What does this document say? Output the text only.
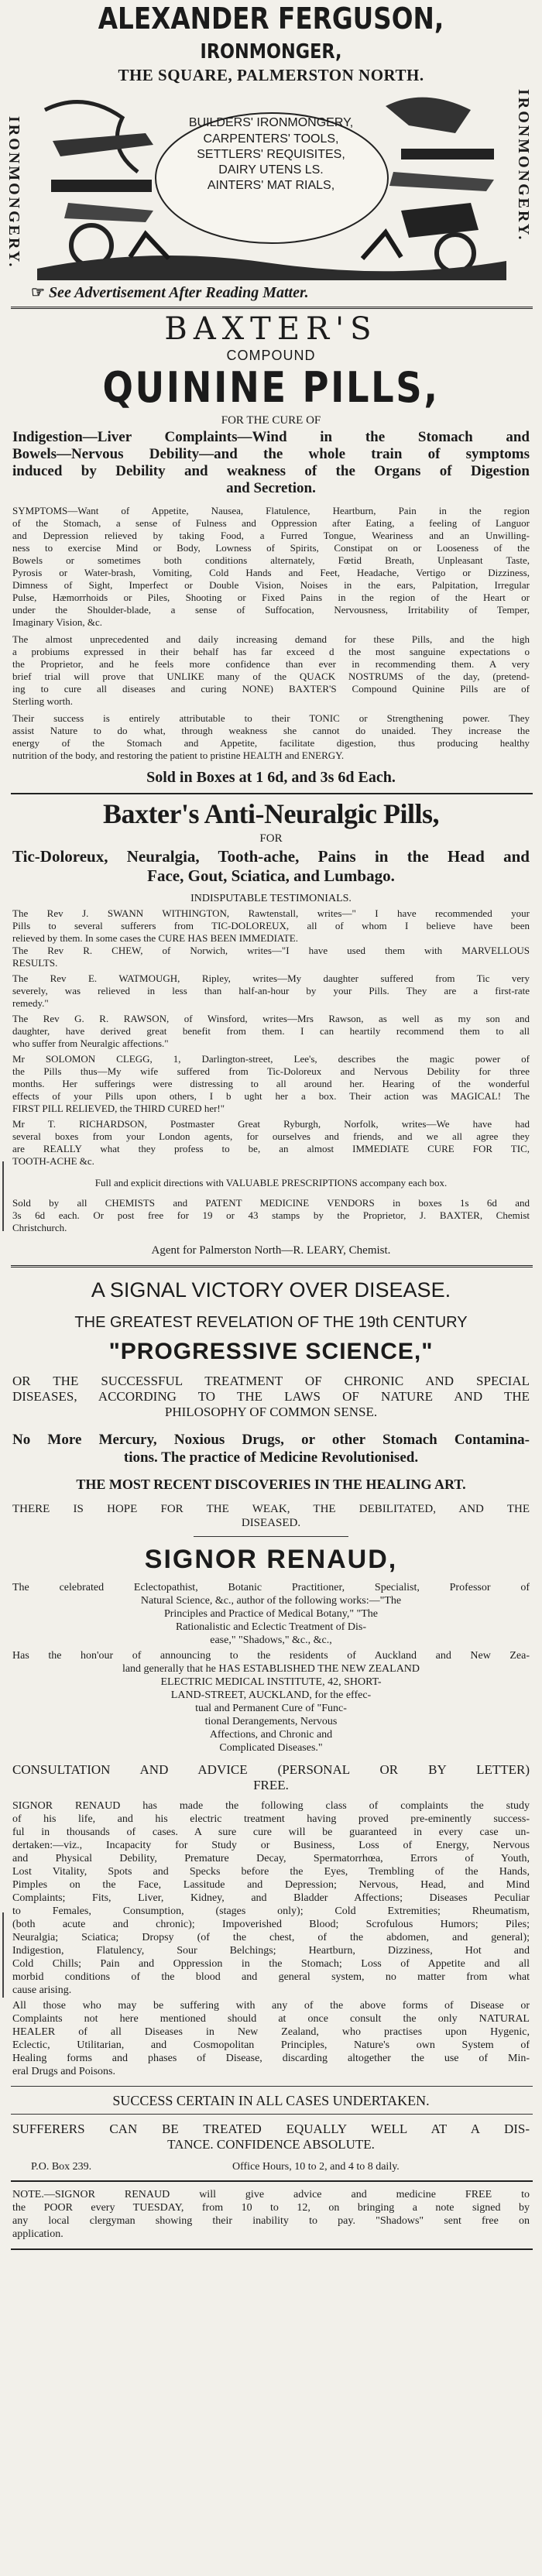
ALEXANDER FERGUSON,
IRONMONGER,
THE SQUARE, PALMERSTON NORTH.
IRONMONGERY.	IRONMONGERY.
BUILDERS' IRONMONGERY,
CARPENTERS' TOOLS,
SETTLERS' REQUISITES,
DAIRY UTENS LS.
AINTERS' MAT RIALS,
☞ See Advertisement After Reading Matter.
BAXTER'S
COMPOUND
QUININE PILLS,
FOR THE CURE OF
Indigestion—Liver Complaints—Wind in the Stomach and
Bowels—Nervous Debility—and the whole train of symptoms
induced by Debility and weakness of the Organs of Digestion
and Secretion.
SYMPTOMS—Want of Appetite, Nausea, Flatulence, Heartburn, Pain in the region
of the Stomach, a sense of Fulness and Oppression after Eating, a feeling of Languor
and Depression relieved by taking Food, a Furred Tongue, Weariness and an Unwilling-
ness to exercise Mind or Body, Lowness of Spirits, Constipat on or Looseness of the
Bowels or sometimes both conditions alternately, Fœtid Breath, Unpleasant Taste,
Pyrosis or Water-brash, Vomiting, Cold Hands and Feet, Headache, Vertigo or Dizziness,
Dimness of Sight, Imperfect or Double Vision, Noises in the ears, Palpitation, Irregular
Pulse, Hæmorrhoids or Piles, Shooting or Fixed Pains in the region of the Heart or
under the Shoulder-blade, a sense of Suffocation, Nervousness, Irritability of Temper,
Imaginary Vision, &c.
The almost unprecedented and daily increasing demand for these Pills, and the high
a probiums expressed in their behalf has far exceed d the most sanguine expectations o
the Proprietor, and he feels more confidence than ever in recommending them. A very
brief trial will prove that UNLIKE many of the QUACK NOSTRUMS of the day, (pretend-
ing to cure all diseases and curing NONE) BAXTER'S Compound Quinine Pills are of
Sterling worth.
Their success is entirely attributable to their TONIC or Strengthening power. They
assist Nature to do what, through weakness she cannot do unaided. They increase the
energy of the Stomach and Appetite, facilitate digestion, thus producing healthy
nutrition of the body, and restoring the patient to pristine HEALTH and ENERGY.
Sold in Boxes at 1 6d, and 3s 6d Each.
Baxter's Anti-Neuralgic Pills,
FOR
Tic-Doloreux, Neuralgia, Tooth-ache, Pains in the Head and
Face, Gout, Sciatica, and Lumbago.
INDISPUTABLE TESTIMONIALS.
The Rev J. SWANN WITHINGTON, Rawtenstall, writes—" I have recommended your
Pills to several sufferers from TIC-DOLOREUX, all of whom I believe have been
relieved by them. In some cases the CURE HAS BEEN IMMEDIATE.
The Rev R. CHEW, of Norwich, writes—"I have used them with MARVELLOUS
RESULTS.
The Rev E. WATMOUGH, Ripley, writes—My daughter suffered from Tic very
severely, was relieved in less than half-an-hour by your Pills. They are a first-rate
remedy."
The Rev G. R. RAWSON, of Winsford, writes—Mrs Rawson, as well as my son and
daughter, have derived great benefit from them. I can heartily recommend them to all
who suffer from Neuralgic affections."
Mr SOLOMON CLEGG, 1, Darlington-street, Lee's, describes the magic power of
the Pills thus—My wife suffered from Tic-Doloreux and Nervous Debility for three
months. Her sufferings were distressing to all around her. Hearing of the wonderful
effects of your Pills upon others, I b ught her a box. Their action was MAGICAL! The
FIRST PILL RELIEVED, the THIRD CURED her!"
Mr T. RICHARDSON, Postmaster Great Ryburgh, Norfolk, writes—We have had
several boxes from your London agents, for ourselves and friends, and we all agree they
are REALLY what they profess to be, an almost IMMEDIATE CURE FOR TIC,
TOOTH-ACHE &c.
Full and explicit directions with VALUABLE PRESCRIPTIONS accompany each box.
Sold by all CHEMISTS and PATENT MEDICINE VENDORS in boxes 1s 6d and
3s 6d each. Or post free for 19 or 43 stamps by the Proprietor, J. BAXTER, Chemist
Christchurch.
Agent for Palmerston North—R. LEARY, Chemist.
A SIGNAL VICTORY OVER DISEASE.
THE GREATEST REVELATION OF THE 19th CENTURY
"PROGRESSIVE SCIENCE,"
OR THE SUCCESSFUL TREATMENT OF CHRONIC AND SPECIAL
DISEASES, ACCORDING TO THE LAWS OF NATURE AND THE
PHILOSOPHY OF COMMON SENSE.
No More Mercury, Noxious Drugs, or other Stomach Contamina-
tions. The practice of Medicine Revolutionised.
THE MOST RECENT DISCOVERIES IN THE HEALING ART.
THERE IS HOPE FOR THE WEAK, THE DEBILITATED, AND THE
DISEASED.
SIGNOR RENAUD,
The celebrated Eclectopathist, Botanic Practitioner, Specialist, Professor of
Natural Science, &c., author of the following works:—"The
Principles and Practice of Medical Botany," "The
Rationalistic and Eclectic Treatment of Dis-
ease," "Shadows," &c., &c.,
Has the hon'our of announcing to the residents of Auckland and New Zea-
land generally that he HAS ESTABLISHED THE NEW ZEALAND
ELECTRIC MEDICAL INSTITUTE, 42, SHORT-
LAND-STREET, AUCKLAND, for the effec-
tual and Permanent Cure of "Func-
tional Derangements, Nervous
Affections, and Chronic and
Complicated Diseases."
CONSULTATION AND ADVICE (PERSONAL OR BY LETTER)
FREE.
SIGNOR RENAUD has made the following class of complaints the study
of his life, and his electric treatment having proved pre-eminently success-
ful in thousands of cases. A sure cure will be guaranteed in every case un-
dertaken:—viz., Incapacity for Study or Business, Loss of Energy, Nervous
and Physical Debility, Premature Decay, Spermatorrhœa, Errors of Youth,
Lost Vitality, Spots and Specks before the Eyes, Trembling of the Hands,
Pimples on the Face, Lassitude and Depression; Nervous, Head, and Mind
Complaints; Fits, Liver, Kidney, and Bladder Affections; Diseases Peculiar
to Females, Consumption, (stages only); Cold Extremities; Rheumatism,
(both acute and chronic); Impoverished Blood; Scrofulous Humors; Piles;
Neuralgia; Sciatica; Dropsy (of the chest, of the abdomen, and general);
Indigestion, Flatulency, Sour Belchings; Heartburn, Dizziness, Hot and
Cold Chills; Pain and Oppression in the Stomach; Loss of Appetite and all
morbid conditions of the blood and general system, no matter from what
cause arising.
All those who may be suffering with any of the above forms of Disease or
Complaints not here mentioned should at once consult the only NATURAL
HEALER of all Diseases in New Zealand, who practises upon Hygenic,
Eclectic, Utilitarian, and Cosmopolitan Principles, Nature's own System of
Healing forms and phases of Disease, discarding altogether the use of Min-
eral Drugs and Poisons.
SUCCESS CERTAIN IN ALL CASES UNDERTAKEN.
SUFFERERS CAN BE TREATED EQUALLY WELL AT A DIS-
TANCE. CONFIDENCE ABSOLUTE.
P.O. Box 239.	Office Hours, 10 to 2, and 4 to 8 daily.
NOTE.—SIGNOR RENAUD will give advice and medicine FREE to
the POOR every TUESDAY, from 10 to 12, on bringing a note signed by
any local clergyman showing their inability to pay. "Shadows" sent free on
application.
